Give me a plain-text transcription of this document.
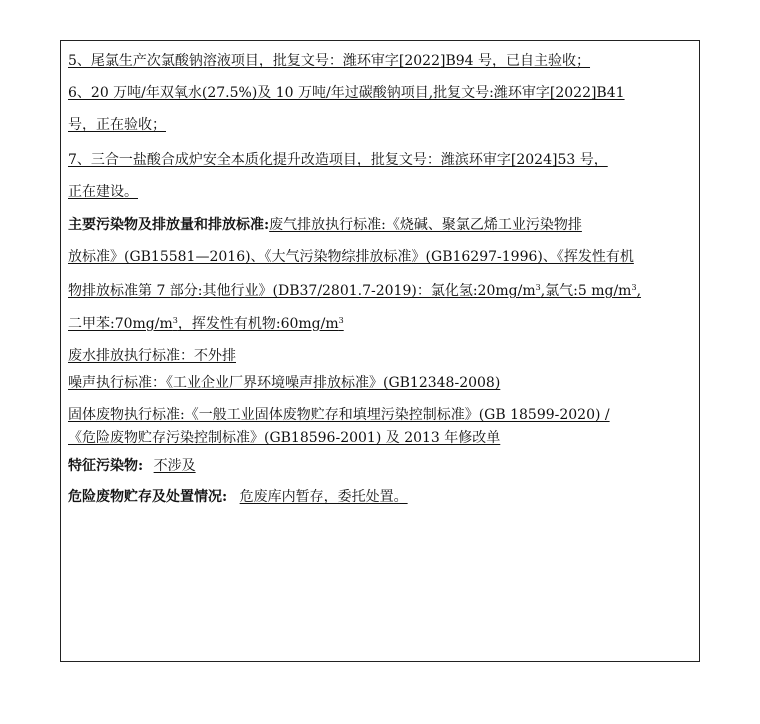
5、尾氯生产次氯酸钠溶液项目，批复文号：潍环审字[2022]B94 号，已自主验收；
6、20 万吨/年双氧水(27.5%)及 10 万吨/年过碳酸钠项目,批复文号:潍环审字[2022]B41
号，正在验收；
7、三合一盐酸合成炉安全本质化提升改造项目，批复文号：潍滨环审字[2024]53 号，
正在建设。
主要污染物及排放量和排放标准:废气排放执行标准:《烧碱、聚氯乙烯工业污染物排
放标准》(GB15581—2016)、《大气污染物综排放标准》(GB16297-1996)、《挥发性有机
物排放标准第 7 部分:其他行业》(DB37/2801.7-2019)：氯化氢$:20mg/m^3$,氯气:5 $mg/m^3$,
二甲苯$:70mg/m^3$，挥发性有机物$:60mg/m^3$
废水排放执行标准：不外排
噪声执行标准：《工业企业厂界环境噪声排放标准》(GB12348-2008)
固体废物执行标准:《一般工业固体废物贮存和填埋污染控制标准》(GB 18599-2020) /
《危险废物贮存污染控制标准》(GB18596-2001) 及 2013 年修改单
特征污染物: 不涉及
危险废物贮存及处置情况: 危废库内暂存，委托处置。
